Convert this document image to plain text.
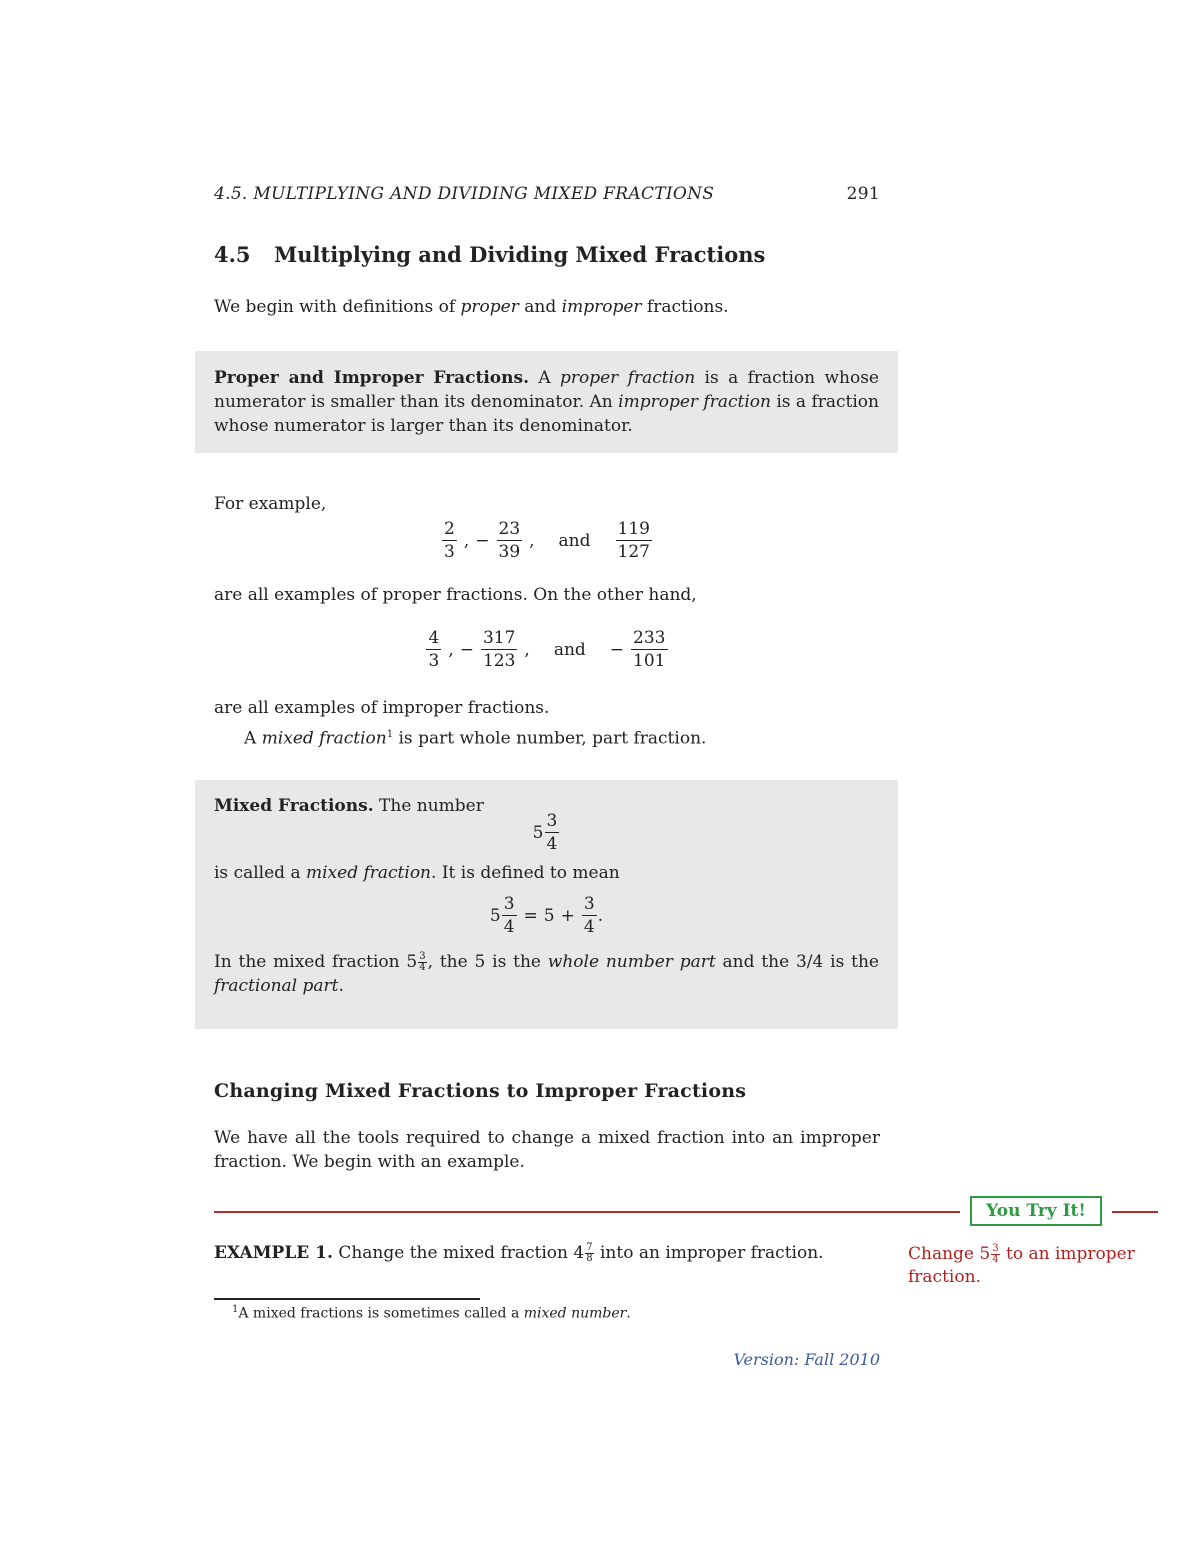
4.5. MULTIPLYING AND DIVIDING MIXED FRACTIONS	291
4.5 Multiplying and Dividing Mixed Fractions
We begin with definitions of proper and improper fractions.
Proper and Improper Fractions. A proper fraction is a fraction whose numerator is smaller than its denominator. An improper fraction is a fraction whose numerator is larger than its denominator.
For example,
$\frac{2}{3}$ , − $\frac{23}{39}$ , and $\frac{119}{127}$
are all examples of proper fractions. On the other hand,
$\frac{4}{3}$ , − $\frac{317}{123}$ , and − $\frac{233}{101}$
are all examples of improper fractions.
A mixed fraction$^1$ is part whole number, part fraction.
Mixed Fractions. The number
$5 \frac{3}{4}$
is called a mixed fraction. It is defined to mean
$5 \frac{3}{4} = 5 + \frac{3}{4}$ .
In the mixed fraction $5 \frac{3}{4}$ , the 5 is the whole number part and the 3/4 is the fractional part.
Changing Mixed Fractions to Improper Fractions
We have all the tools required to change a mixed fraction into an improper fraction. We begin with an example.
You Try It!
EXAMPLE 1. Change the mixed fraction $4 \frac{7}{8}$ into an improper fraction.	Change $5 \frac{3}{4}$ to an improper fraction.
$^1$A mixed fractions is sometimes called a mixed number.
Version: Fall 2010
